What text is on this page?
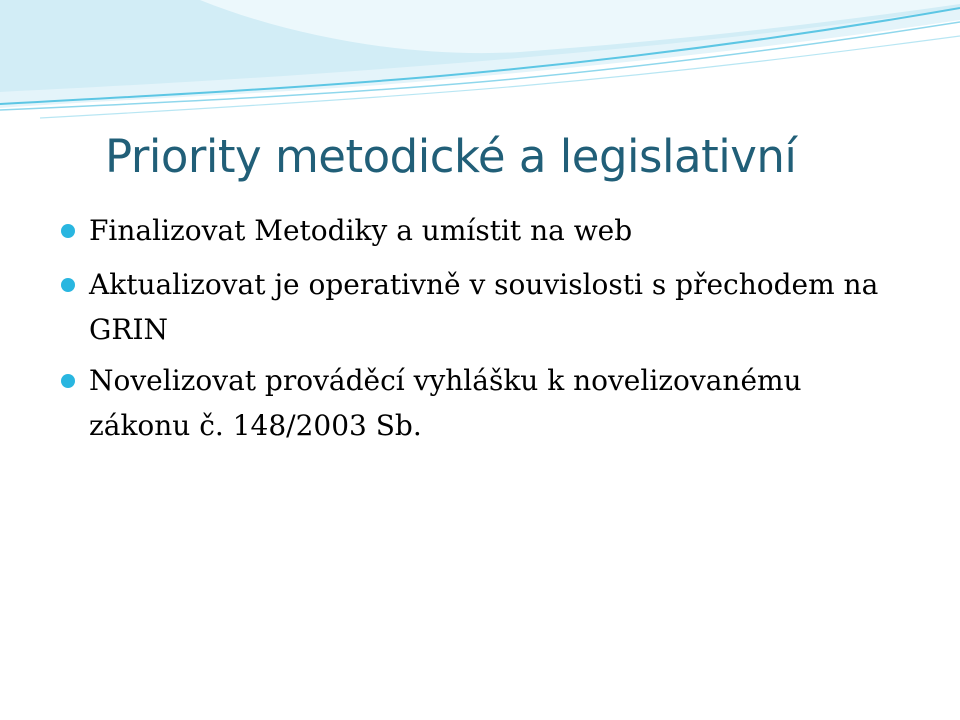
Priority metodické a legislativní
Finalizovat Metodiky a umístit na web
Aktualizovat je operativně v souvislosti s přechodem na GRIN
Novelizovat prováděcí vyhlášku k novelizovanému zákonu č. 148/2003 Sb.
